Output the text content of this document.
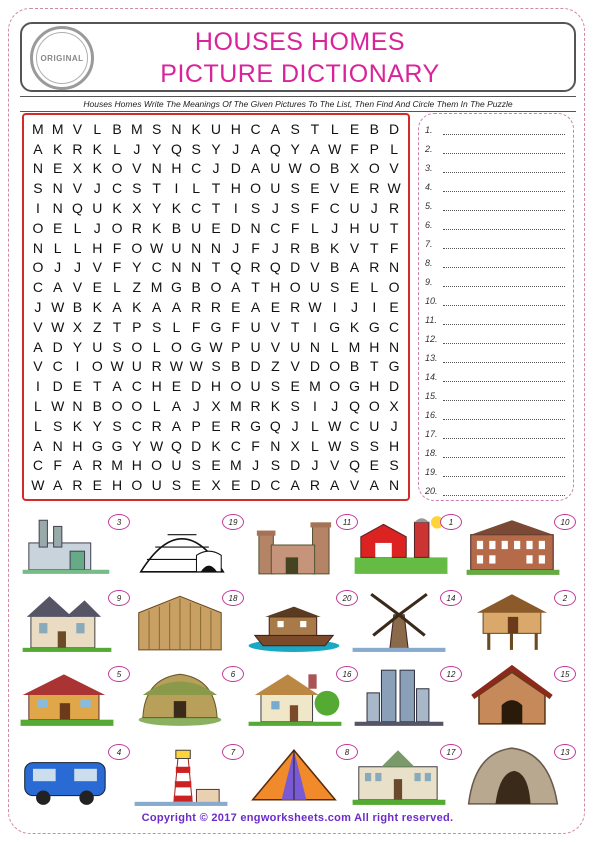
ORIGINAL
HOUSES HOMES
PICTURE DICTIONARY
Houses Homes Write The Meanings Of The Given Pictures To The List, Then Find And Circle Them In The Puzzle
M M V L B M S N K U H C A S T L E B D
A K R K L J Y Q S Y J A Q Y A W F P L
N E X K O V N H C J D A U W O B X O V
S N V J C S T I L T H O U S E V E R W
I N Q U K X Y K C T I S J S F C U J R
O E L J O R K B U E D N C F L J H U T
N L L H F O W U N N J F J R B K V T F
O J J V F Y C N N T Q R Q D V B A R N
C A V E L Z M G B O A T H O U S E L O
J W B K A K A A R R E A E R W I	J	I E
V W X Z T P S L F G F U V T I G K G C
A D Y U S O L O G W P U V U N L M H N
V C I O W U R W W S B D Z V D O B T G
I D E T A C H E D H O U S E M O G H D
L W N B O O L A J X M R K S I	J Q O X
L S K Y S C R A P E R G Q J L W C U J
A N H G G Y W Q D K C F N X L W S S H
C F A R M H O U S E M J S D J V Q E S
W A R E H O U S E X E D C A R A V A N
1.
2.
3.
4.
5.
6.
7.
8.
9.
10.
11.
12.
13.
14.
15.
16.
17.
18.
19.
20.
3	19	11	1	10
9	18	20	14	2
5	6	16	12	15
4	7	8	17	13
Copyright © 2017 engworksheets.com All right reserved.
